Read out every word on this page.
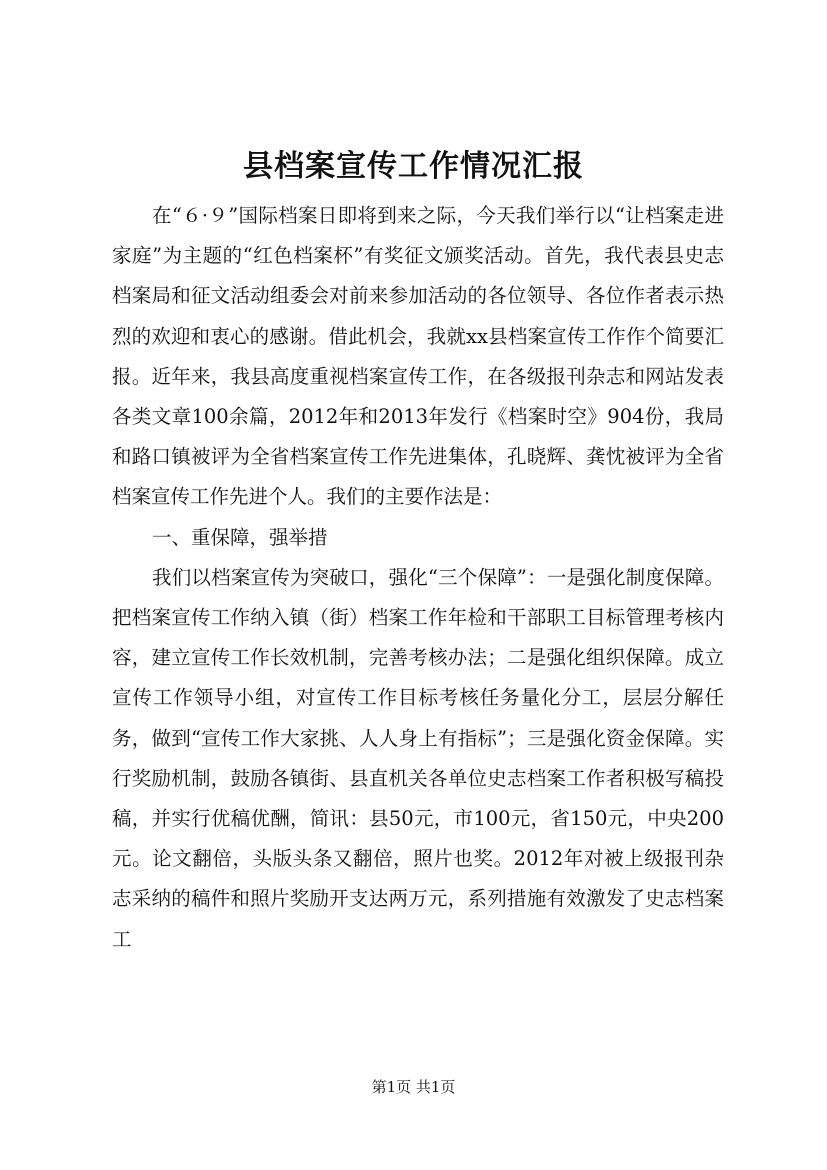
县档案宣传工作情况汇报

在“６·９”国际档案日即将到来之际，今天我们举行以“让档案走进家庭”为主题的“红色档案杯”有奖征文颁奖活动。首先，我代表县史志档案局和征文活动组委会对前来参加活动的各位领导、各位作者表示热烈的欢迎和衷心的感谢。借此机会，我就xx县档案宣传工作作个简要汇报。近年来，我县高度重视档案宣传工作，在各级报刊杂志和网站发表各类文章100余篇，2012年和2013年发行《档案时空》904份，我局和路口镇被评为全省档案宣传工作先进集体，孔晓辉、龚忱被评为全省档案宣传工作先进个人。我们的主要作法是：

一、重保障，强举措

我们以档案宣传为突破口，强化“三个保障”：一是强化制度保障。把档案宣传工作纳入镇（街）档案工作年检和干部职工目标管理考核内容，建立宣传工作长效机制，完善考核办法；二是强化组织保障。成立宣传工作领导小组，对宣传工作目标考核任务量化分工，层层分解任务，做到“宣传工作大家挑、人人身上有指标”；三是强化资金保障。实行奖励机制，鼓励各镇街、县直机关各单位史志档案工作者积极写稿投稿，并实行优稿优酬，简讯：县50元，市100元，省150元，中央200元。论文翻倍，头版头条又翻倍，照片也奖。2012年对被上级报刊杂志采纳的稿件和照片奖励开支达两万元，系列措施有效激发了史志档案工

第1页 共1页
